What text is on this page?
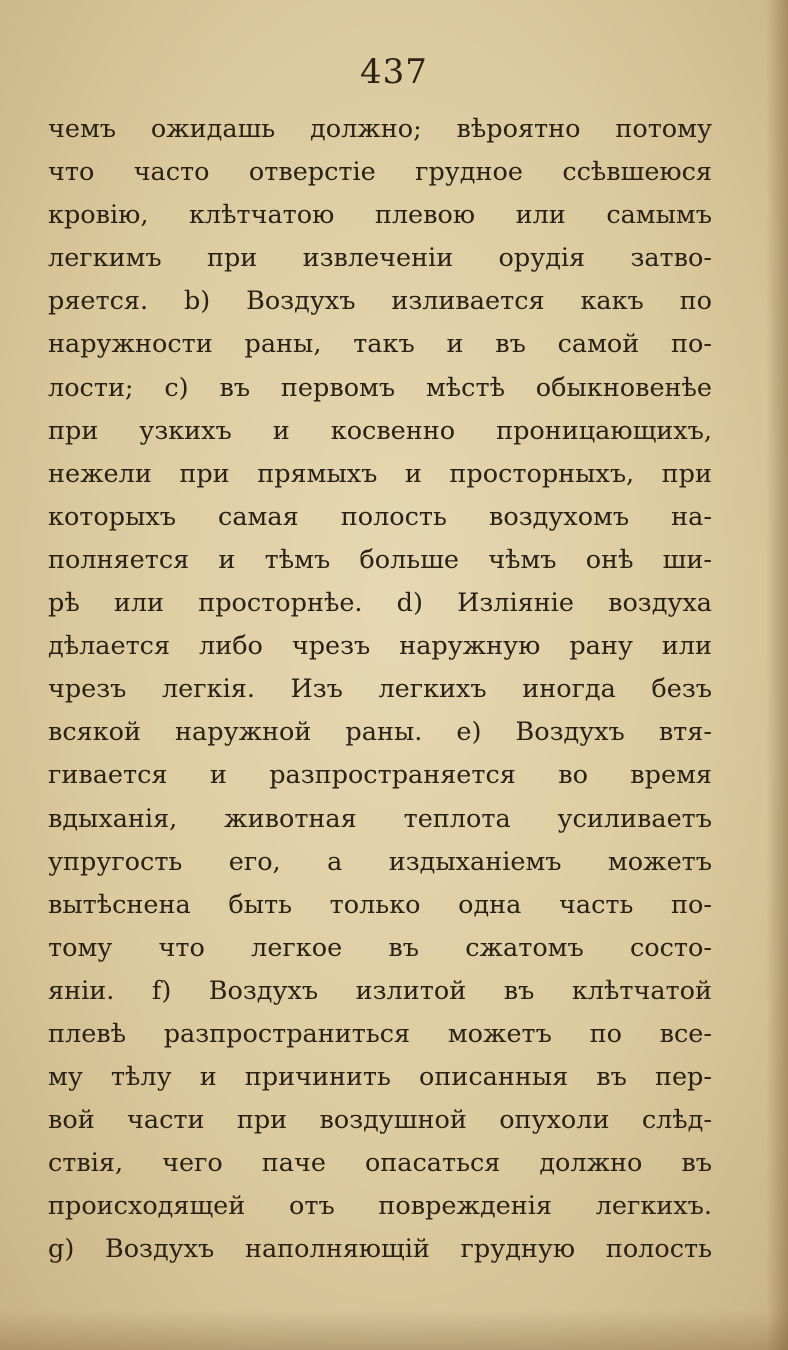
437
чемъ ожидашь должно; вѣроятно потому
что часто отверстіе грудное ссѣвшеюся
кровію, клѣтчатою плевою или самымъ
легкимъ при извлеченіи орудія затво-
ряется. b) Воздухъ изливается какъ по
наружности раны, такъ и въ самой по-
лости; с) въ первомъ мѣстѣ обыкновенѣе
при узкихъ и косвенно проницающихъ,
нежели при прямыхъ и просторныхъ, при
которыхъ самая полость воздухомъ на-
полняется и тѣмъ больше чѣмъ онѣ ши-
рѣ или просторнѣе. d) Изліяніе воздуха
дѣлается либо чрезъ наружную рану или
чрезъ легкія. Изъ легкихъ иногда безъ
всякой наружной раны. е) Воздухъ втя-
гивается и разпространяется во время
вдыханія, животная теплота усиливаетъ
упругость его, а издыханіемъ можетъ
вытѣснена быть только одна часть по-
тому что легкое въ сжатомъ состо-
яніи. f) Воздухъ излитой въ клѣтчатой
плевѣ разпространиться можетъ по все-
му тѣлу и причинить описанныя въ пер-
вой части при воздушной опухоли слѣд-
ствія, чего паче опасаться должно въ
происходящей отъ поврежденія легкихъ.
g) Воздухъ наполняющій грудную полость
